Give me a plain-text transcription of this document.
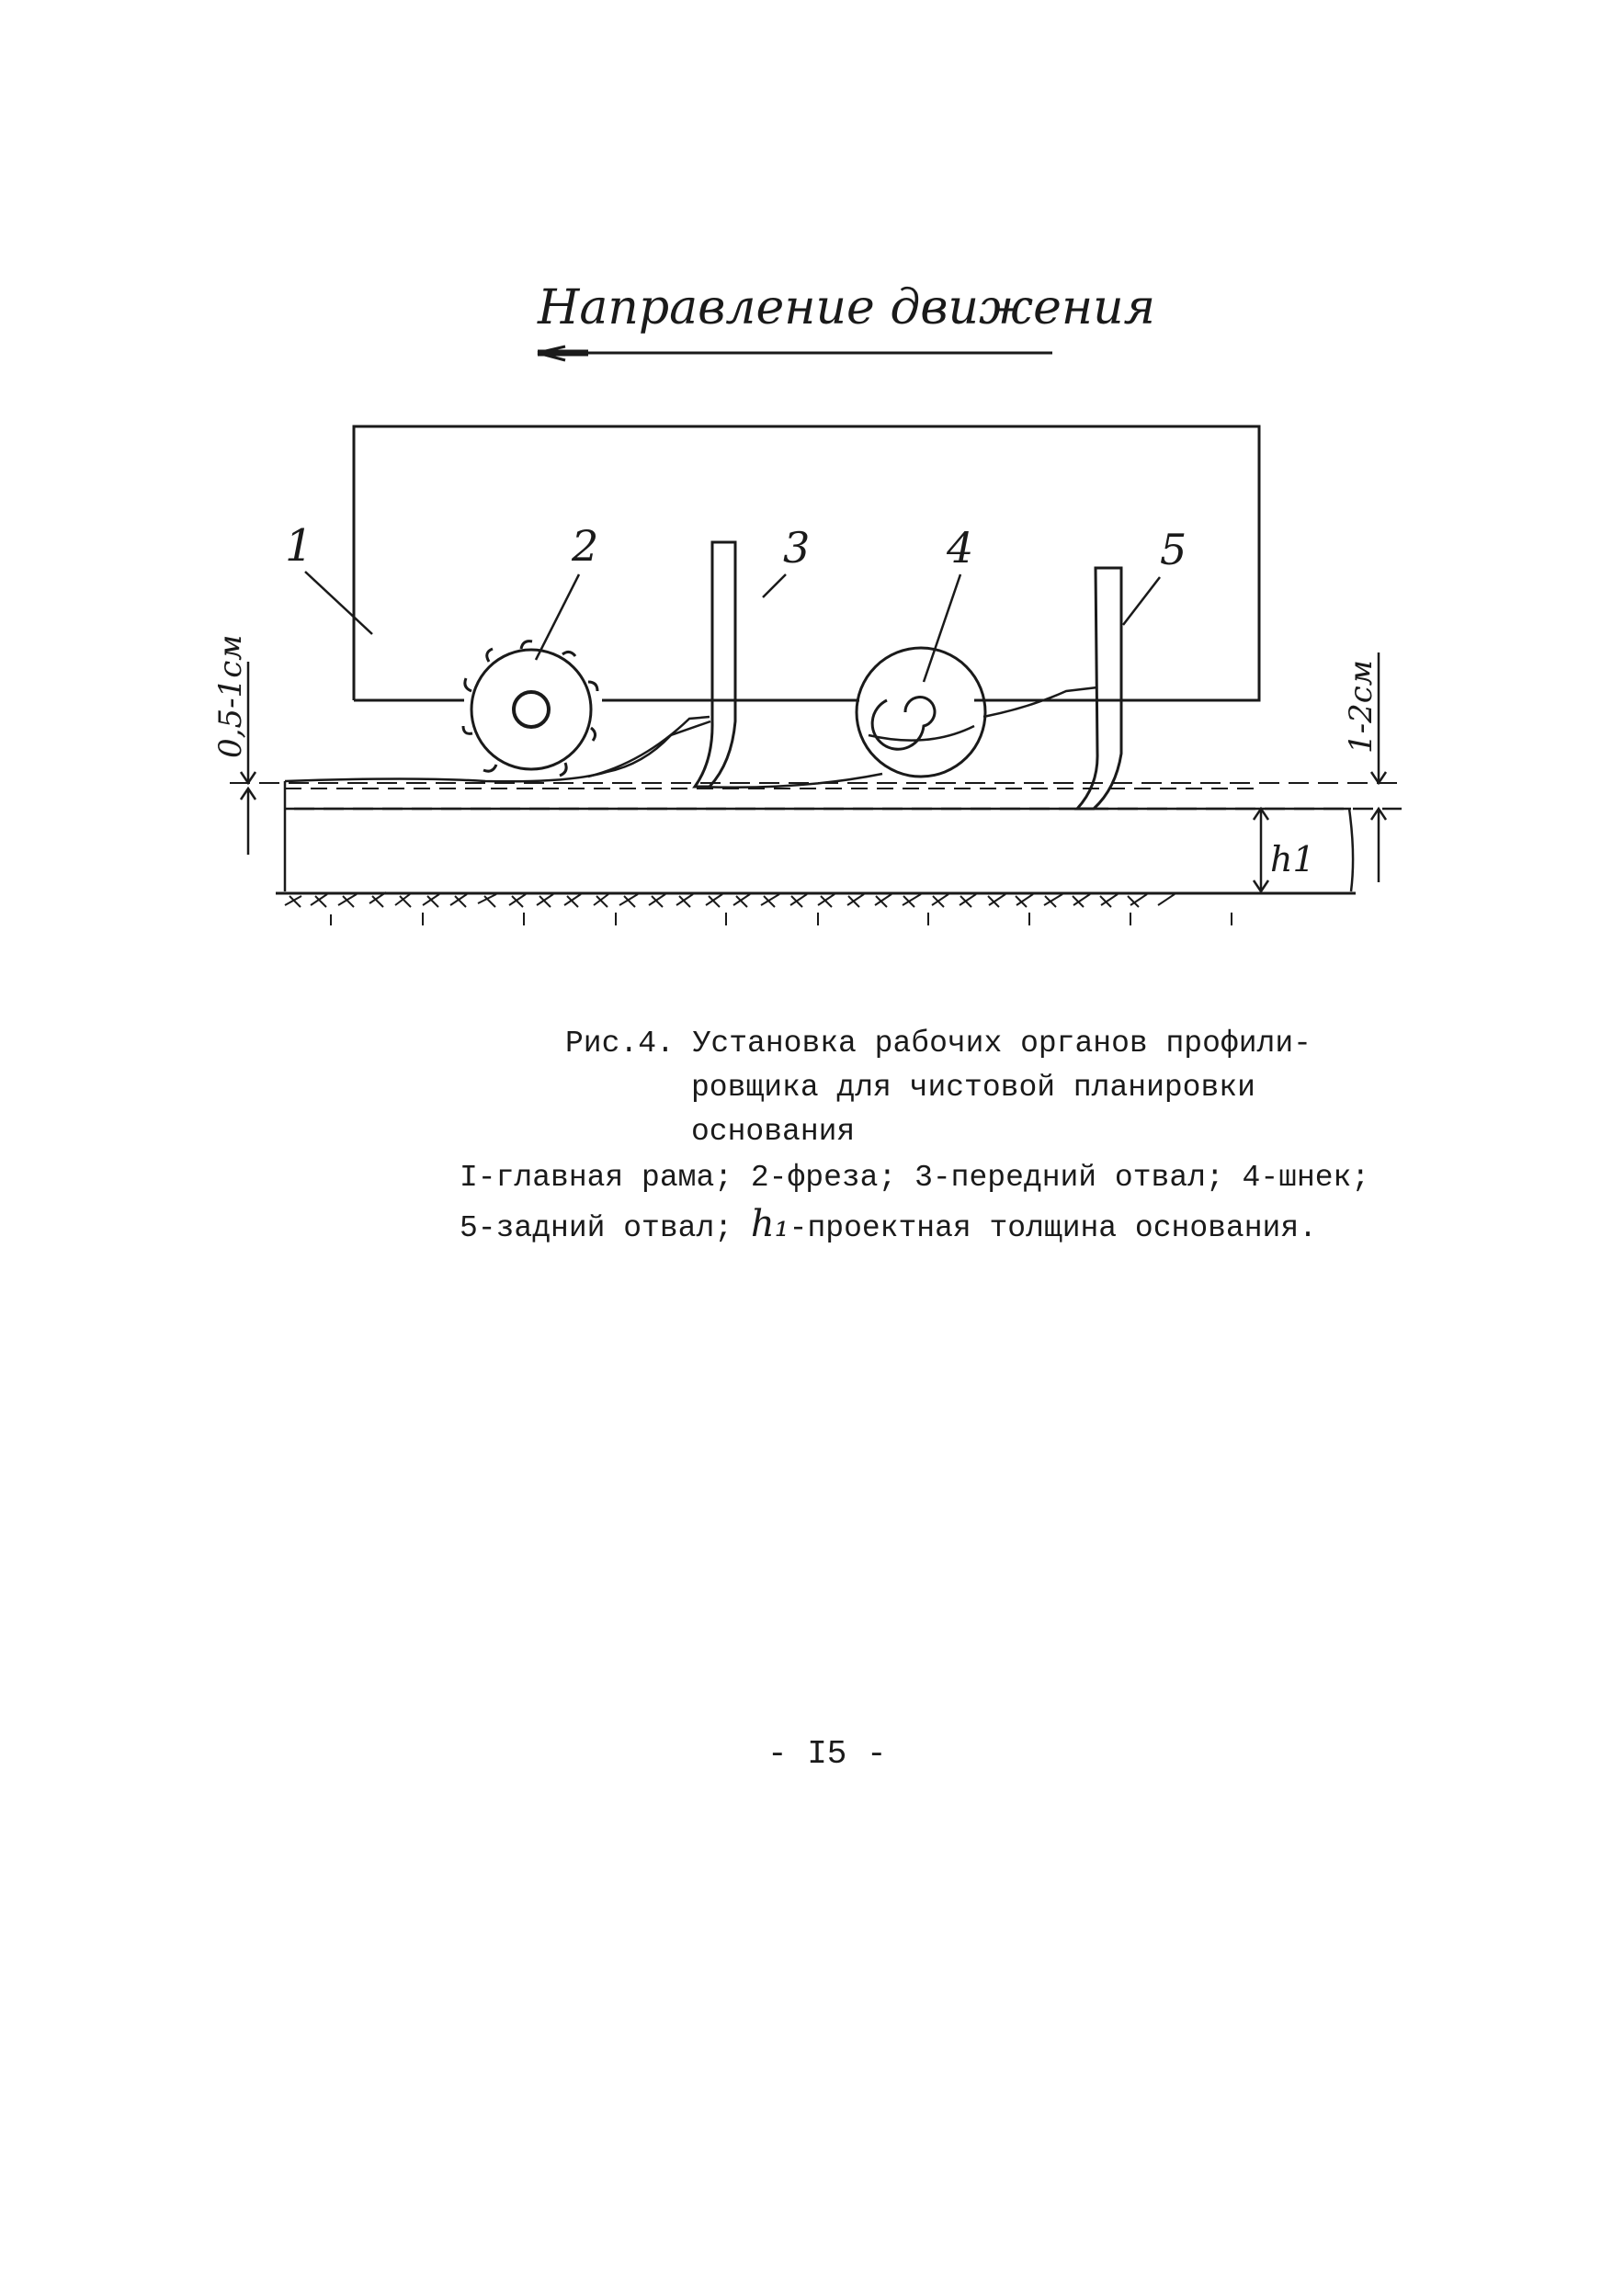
Направление движения
1	2	3	4	5
0,5-1см	1-2см
h1
Рис.4. Установка рабочих органов профили-
ровщика для чистовой планировки
основания
I-главная рама; 2-фреза; 3-передний отвал; 4-шнек;
5-задний отвал; h₁-проектная толщина основания.
- I5 -
